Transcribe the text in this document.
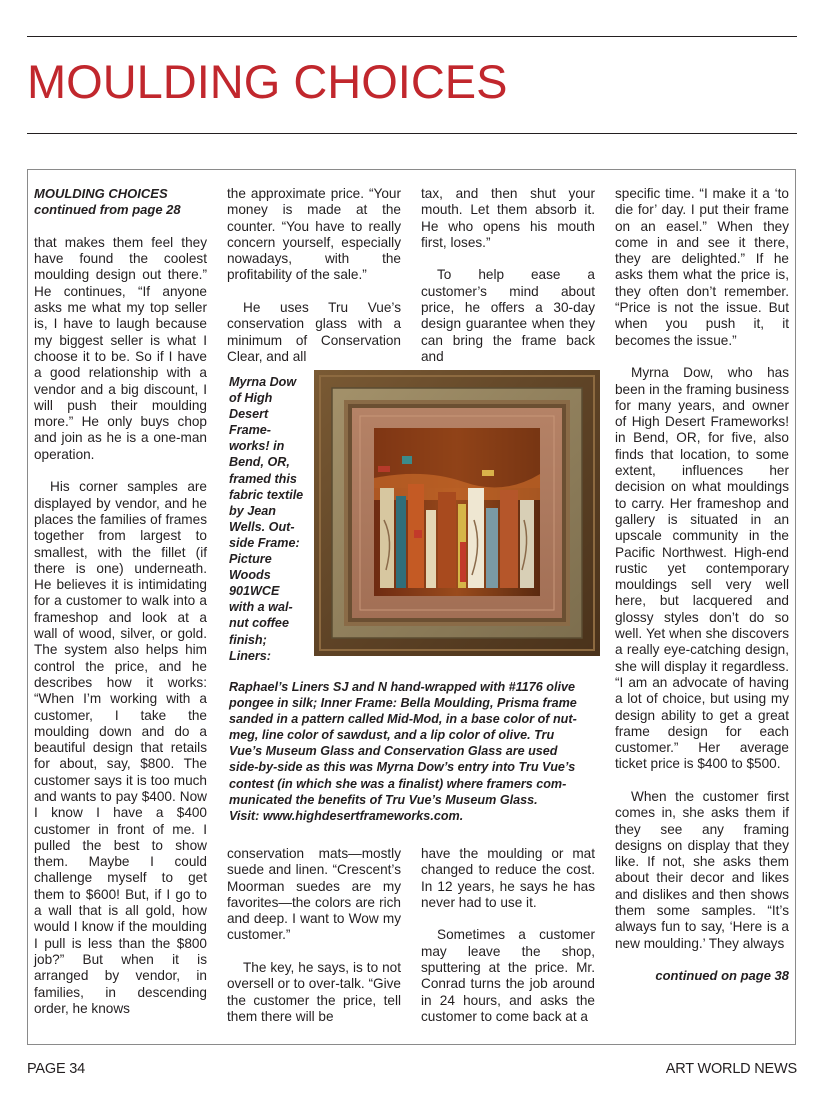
MOULDING CHOICES

MOULDING CHOICES

continued from page 28

that makes them feel they have found the coolest moulding design out there.” He continues, “If anyone asks me what my top seller is, I have to laugh because my biggest seller is what I choose it to be. So if I have a good relationship with a vendor and a big discount, I will push their moulding more.” He only buys chop and join as he is a one-man operation.

His corner samples are displayed by vendor, and he places the families of frames together from largest to smallest, with the fillet (if there is one) underneath. He believes it is intimidating for a customer to walk into a frameshop and look at a wall of wood, silver, or gold. The system also helps him control the price, and he describes how it works: “When I’m working with a customer, I take the moulding down and do a beautiful design that retails for about, say, $800. The customer says it is too much and wants to pay $400. Now I know I have a $400 customer in front of me. I pulled the best to show them. Maybe I could challenge myself to get them to $600! But, if I go to a wall that is all gold, how would I know if the moulding I pull is less than the $800 job?” But when it is arranged by vendor, in families, in descending order, he knows

the approximate price. “Your money is made at the counter. “You have to really concern yourself, especially nowadays, with the profitability of the sale.”

He uses Tru Vue’s conservation glass with a minimum of Conservation Clear, and all

tax, and then shut your mouth. Let them absorb it. He who opens his mouth first, loses.”

To help ease a customer’s mind about price, he offers a 30-day design guarantee when they can bring the frame back and

specific time. “I make it a ‘to die for’ day. I put their frame on an easel.” When they come in and see it there, they are delighted.” If he asks them what the price is, they often don’t remember. “Price is not the issue. But when you push it, it becomes the issue.”

Myrna Dow, who has been in the framing business for many years, and owner of High Desert Frameworks! in Bend, OR, for five, also finds that location, to some extent, influences her decision on what mouldings to carry. Her frameshop and gallery is situated in an upscale community in the Pacific Northwest. High-end rustic yet contemporary mouldings sell very well here, but lacquered and glossy styles don’t do so well. Yet when she discovers a really eye-catching design, she will display it regardless. “I am an advocate of having a lot of choice, but using my design ability to get a great frame design for each customer.” Her average ticket price is $400 to $500.

When the customer first comes in, she asks them if they see any framing designs on display that they like. If not, she asks them about their decor and likes and dislikes and then shows them some samples. “It’s always fun to say, ‘Here is a new moulding.’ They always

continued on page 38

Myrna Dow
of High
Desert
Frame-
works! in
Bend, OR,
framed this
fabric textile
by Jean
Wells. Out-
side Frame:
Picture
Woods
901WCE
with a wal-
nut coffee
finish;
Liners:
Raphael’s Liners SJ and N hand-wrapped with #1176 olive
pongee in silk; Inner Frame: Bella Moulding, Prisma frame
sanded in a pattern called Mid-Mod, in a base color of nut-
meg, line color of sawdust, and a lip color of olive. Tru
Vue’s Museum Glass and Conservation Glass are used
side-by-side as this was Myrna Dow’s entry into Tru Vue’s
contest (in which she was a finalist) where framers com-
municated the benefits of Tru Vue’s Museum Glass.
Visit: www.highdesertframeworks.com.

conservation mats—mostly suede and linen. “Crescent’s Moorman suedes are my favorites—the colors are rich and deep. I want to Wow my customer.”

The key, he says, is to not oversell or to over-talk. “Give the customer the price, tell them there will be

have the moulding or mat changed to reduce the cost. In 12 years, he says he has never had to use it.

Sometimes a customer may leave the shop, sputtering at the price. Mr. Conrad turns the job around in 24 hours, and asks the customer to come back at a

PAGE 34	ART WORLD NEWS
